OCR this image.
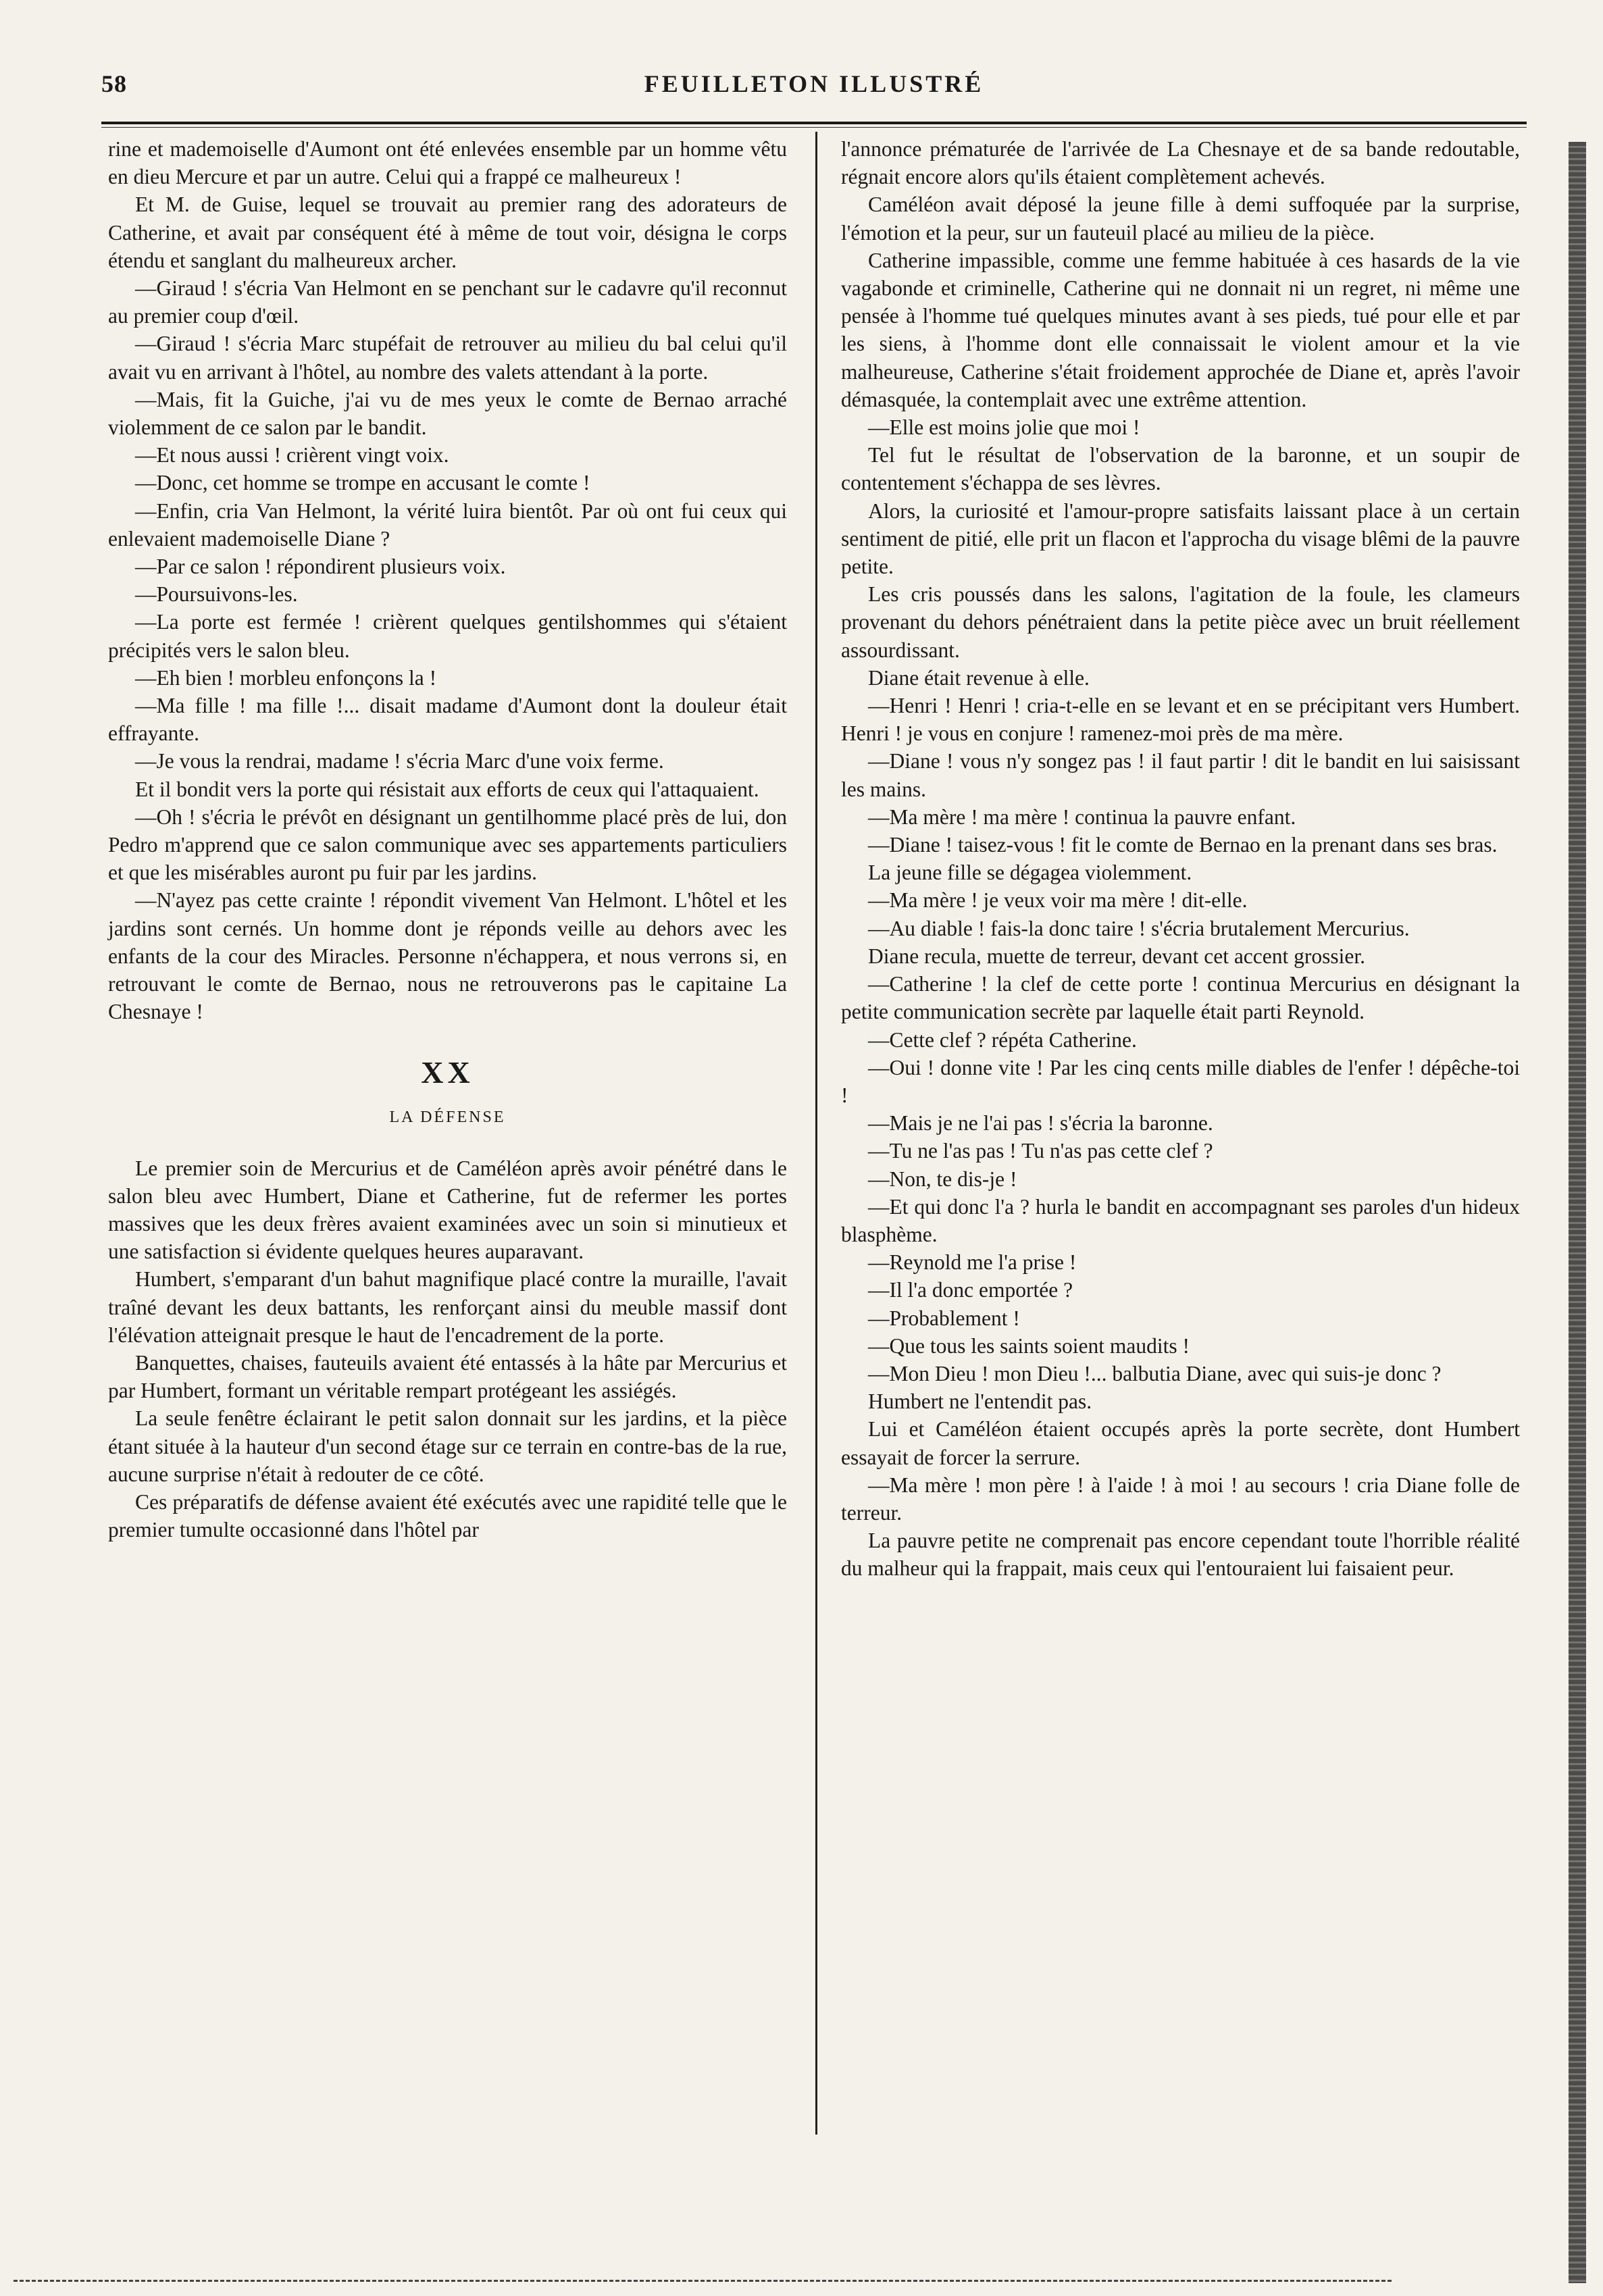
58	FEUILLETON ILLUSTRÉ

rine et mademoiselle d'Aumont ont été enlevées ensemble par un homme vêtu en dieu Mercure et par un autre. Celui qui a frappé ce malheureux !

Et M. de Guise, lequel se trouvait au premier rang des adorateurs de Catherine, et avait par conséquent été à même de tout voir, désigna le corps étendu et sanglant du malheureux archer.

—Giraud ! s'écria Van Helmont en se penchant sur le cadavre qu'il reconnut au premier coup d'œil.

—Giraud ! s'écria Marc stupéfait de retrouver au milieu du bal celui qu'il avait vu en arrivant à l'hôtel, au nombre des valets attendant à la porte.

—Mais, fit la Guiche, j'ai vu de mes yeux le comte de Bernao arraché violemment de ce salon par le bandit.

—Et nous aussi ! crièrent vingt voix.

—Donc, cet homme se trompe en accusant le comte !

—Enfin, cria Van Helmont, la vérité luira bientôt. Par où ont fui ceux qui enlevaient mademoiselle Diane ?

—Par ce salon ! répondirent plusieurs voix.

—Poursuivons-les.

—La porte est fermée ! crièrent quelques gentilshommes qui s'étaient précipités vers le salon bleu.

—Eh bien ! morbleu enfonçons la !

—Ma fille ! ma fille !... disait madame d'Aumont dont la douleur était effrayante.

—Je vous la rendrai, madame ! s'écria Marc d'une voix ferme.

Et il bondit vers la porte qui résistait aux efforts de ceux qui l'attaquaient.

—Oh ! s'écria le prévôt en désignant un gentilhomme placé près de lui, don Pedro m'apprend que ce salon communique avec ses appartements particuliers et que les misérables auront pu fuir par les jardins.

—N'ayez pas cette crainte ! répondit vivement Van Helmont. L'hôtel et les jardins sont cernés. Un homme dont je réponds veille au dehors avec les enfants de la cour des Miracles. Personne n'échappera, et nous verrons si, en retrouvant le comte de Bernao, nous ne retrouverons pas le capitaine La Chesnaye !

XX
LA DÉFENSE

Le premier soin de Mercurius et de Caméléon après avoir pénétré dans le salon bleu avec Humbert, Diane et Catherine, fut de refermer les portes massives que les deux frères avaient examinées avec un soin si minutieux et une satisfaction si évidente quelques heures auparavant.

Humbert, s'emparant d'un bahut magnifique placé contre la muraille, l'avait traîné devant les deux battants, les renforçant ainsi du meuble massif dont l'élévation atteignait presque le haut de l'encadrement de la porte.

Banquettes, chaises, fauteuils avaient été entassés à la hâte par Mercurius et par Humbert, formant un véritable rempart protégeant les assiégés.

La seule fenêtre éclairant le petit salon donnait sur les jardins, et la pièce étant située à la hauteur d'un second étage sur ce terrain en contre-bas de la rue, aucune surprise n'était à redouter de ce côté.

Ces préparatifs de défense avaient été exécutés avec une rapidité telle que le premier tumulte occasionné dans l'hôtel par

l'annonce prématurée de l'arrivée de La Chesnaye et de sa bande redoutable, régnait encore alors qu'ils étaient complètement achevés.

Caméléon avait déposé la jeune fille à demi suffoquée par la surprise, l'émotion et la peur, sur un fauteuil placé au milieu de la pièce.

Catherine impassible, comme une femme habituée à ces hasards de la vie vagabonde et criminelle, Catherine qui ne donnait ni un regret, ni même une pensée à l'homme tué quelques minutes avant à ses pieds, tué pour elle et par les siens, à l'homme dont elle connaissait le violent amour et la vie malheureuse, Catherine s'était froidement approchée de Diane et, après l'avoir démasquée, la contemplait avec une extrême attention.

—Elle est moins jolie que moi !

Tel fut le résultat de l'observation de la baronne, et un soupir de contentement s'échappa de ses lèvres.

Alors, la curiosité et l'amour-propre satisfaits laissant place à un certain sentiment de pitié, elle prit un flacon et l'approcha du visage blêmi de la pauvre petite.

Les cris poussés dans les salons, l'agitation de la foule, les clameurs provenant du dehors pénétraient dans la petite pièce avec un bruit réellement assourdissant.

Diane était revenue à elle.

—Henri ! Henri ! cria-t-elle en se levant et en se précipitant vers Humbert. Henri ! je vous en conjure ! ramenez-moi près de ma mère.

—Diane ! vous n'y songez pas ! il faut partir ! dit le bandit en lui saisissant les mains.

—Ma mère ! ma mère ! continua la pauvre enfant.

—Diane ! taisez-vous ! fit le comte de Bernao en la prenant dans ses bras.

La jeune fille se dégagea violemment.

—Ma mère ! je veux voir ma mère ! dit-elle.

—Au diable ! fais-la donc taire ! s'écria brutalement Mercurius.

Diane recula, muette de terreur, devant cet accent grossier.

—Catherine ! la clef de cette porte ! continua Mercurius en désignant la petite communication secrète par laquelle était parti Reynold.

—Cette clef ? répéta Catherine.

—Oui ! donne vite ! Par les cinq cents mille diables de l'enfer ! dépêche-toi !

—Mais je ne l'ai pas ! s'écria la baronne.

—Tu ne l'as pas ! Tu n'as pas cette clef ?

—Non, te dis-je !

—Et qui donc l'a ? hurla le bandit en accompagnant ses paroles d'un hideux blasphème.

—Reynold me l'a prise !

—Il l'a donc emportée ?

—Probablement !

—Que tous les saints soient maudits !

—Mon Dieu ! mon Dieu !... balbutia Diane, avec qui suis-je donc ?

Humbert ne l'entendit pas.

Lui et Caméléon étaient occupés après la porte secrète, dont Humbert essayait de forcer la serrure.

—Ma mère ! mon père ! à l'aide ! à moi ! au secours ! cria Diane folle de terreur.

La pauvre petite ne comprenait pas encore cependant toute l'horrible réalité du malheur qui la frappait, mais ceux qui l'entouraient lui faisaient peur.
